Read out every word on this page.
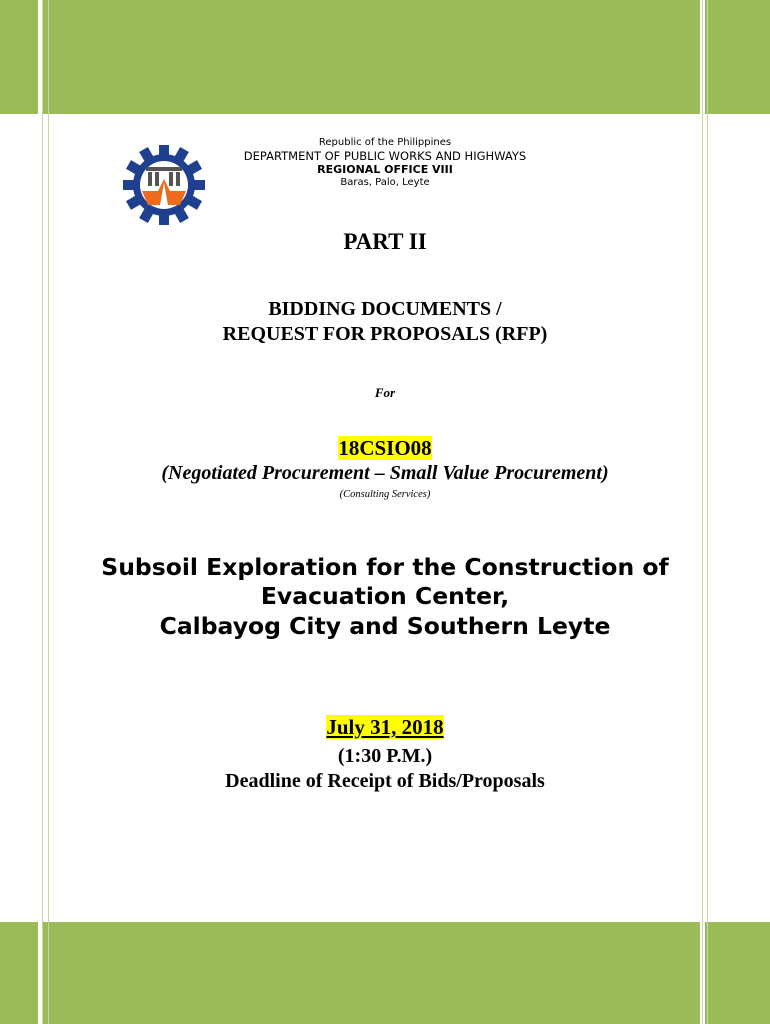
Republic of the Philippines
DEPARTMENT OF PUBLIC WORKS AND HIGHWAYS
REGIONAL OFFICE VIII
Baras, Palo, Leyte
PART II
BIDDING DOCUMENTS /
REQUEST FOR PROPOSALS (RFP)
For
18CSIO08
(Negotiated Procurement – Small Value Procurement)
(Consulting Services)
Subsoil Exploration for the Construction of
Evacuation Center,
Calbayog City and Southern Leyte
July 31, 2018
(1:30 P.M.)
Deadline of Receipt of Bids/Proposals
